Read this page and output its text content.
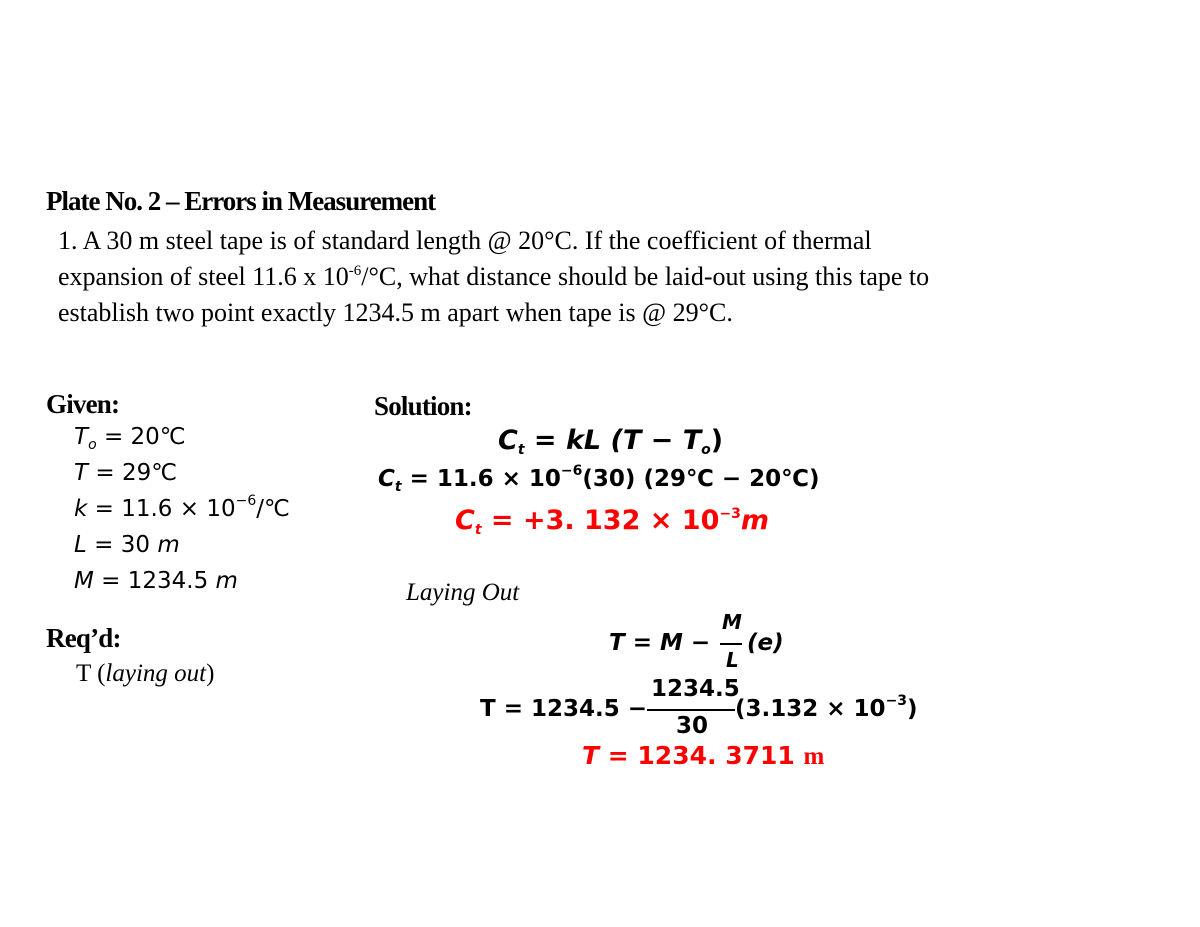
Plate No. 2 – Errors in Measurement
1. A 30 m steel tape is of standard length @ 20°C. If the coefficient of thermal
expansion of steel 11.6 x $10^{-6}/^\circ C$, what distance should be laid-out using this tape to
establish two point exactly 1234.5 m apart when tape is @ 29°C.
Given:
$T_o$ = 20℃
T = 29℃
$k = 11.6 \times 10^{-6}/℃$
L = 30 m
M = 1234.5 m
Req’d:
T (laying out)
Solution:
$C_t$ = kL $(T - T_o)$
$C_t = 11.6 \times 10^{-6}(30)$ (29℃ − 20℃)
$C_t = +3$. $132 \times 10^{-3}m$
Laying Out
T = M −
M
L
(e)
T = 1234.5 −
1234.5
30
$(3.132 \times 10^{-3})$
T = 1234. 3711 m
